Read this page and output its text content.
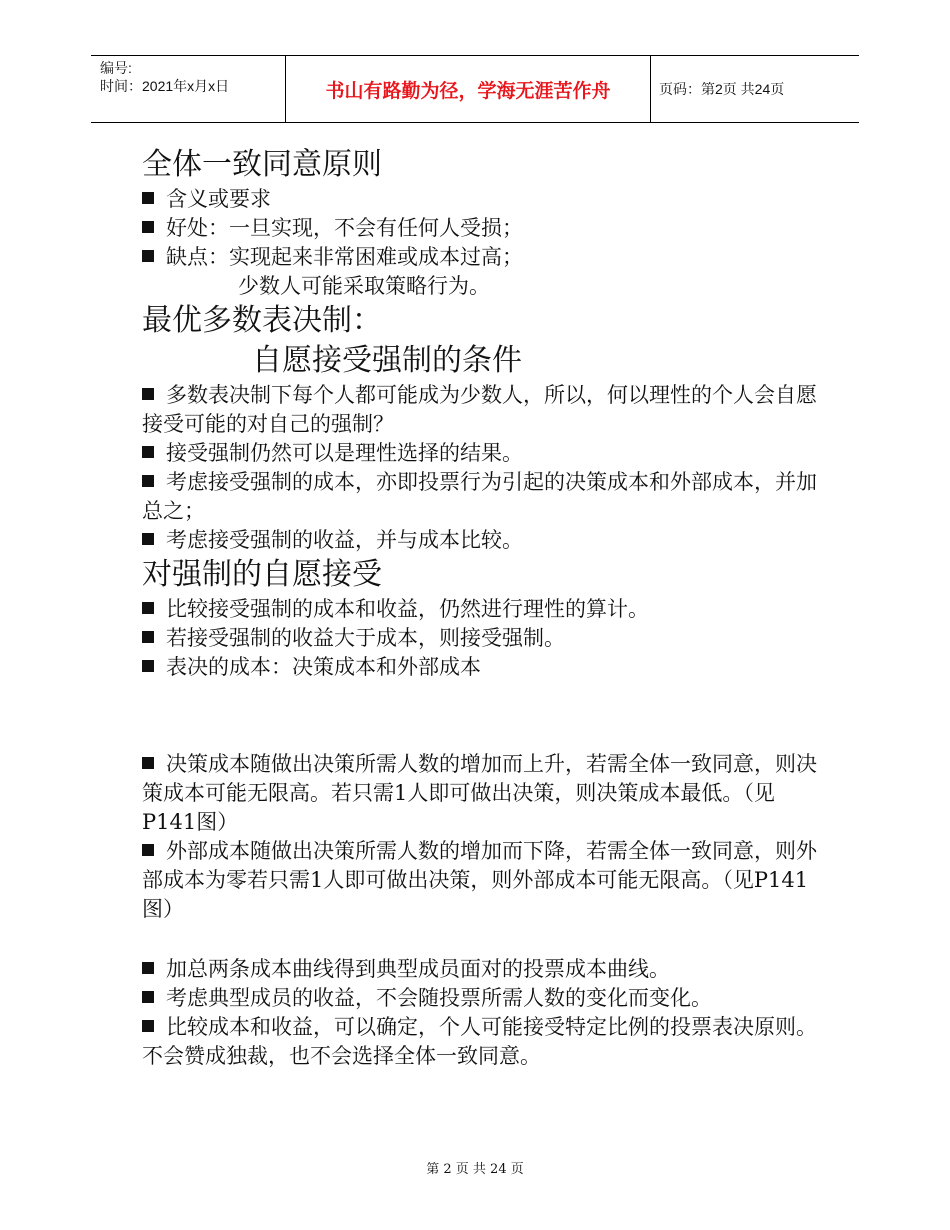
编号:
时间：2021年x月x日	书山有路勤为径，学海无涯苦作舟	页码：第2页 共24页
全体一致同意原则

含义或要求

好处：一旦实现，不会有任何人受损；

缺点：实现起来非常困难或成本过高；

少数人可能采取策略行为。

最优多数表决制：
自愿接受强制的条件

多数表决制下每个人都可能成为少数人，所以，何以理性的个人会自愿接受可能的对自己的强制？

接受强制仍然可以是理性选择的结果。

考虑接受强制的成本，亦即投票行为引起的决策成本和外部成本，并加总之；

考虑接受强制的收益，并与成本比较。

对强制的自愿接受

比较接受强制的成本和收益，仍然进行理性的算计。

若接受强制的收益大于成本，则接受强制。

表决的成本：决策成本和外部成本

决策成本随做出决策所需人数的增加而上升，若需全体一致同意，则决策成本可能无限高。若只需1人即可做出决策，则决策成本最低。（见P141图）

外部成本随做出决策所需人数的增加而下降，若需全体一致同意，则外部成本为零若只需1人即可做出决策，则外部成本可能无限高。（见P141图）

加总两条成本曲线得到典型成员面对的投票成本曲线。

考虑典型成员的收益，不会随投票所需人数的变化而变化。

比较成本和收益，可以确定，个人可能接受特定比例的投票表决原则。不会赞成独裁，也不会选择全体一致同意。

第 2 页 共 24 页
